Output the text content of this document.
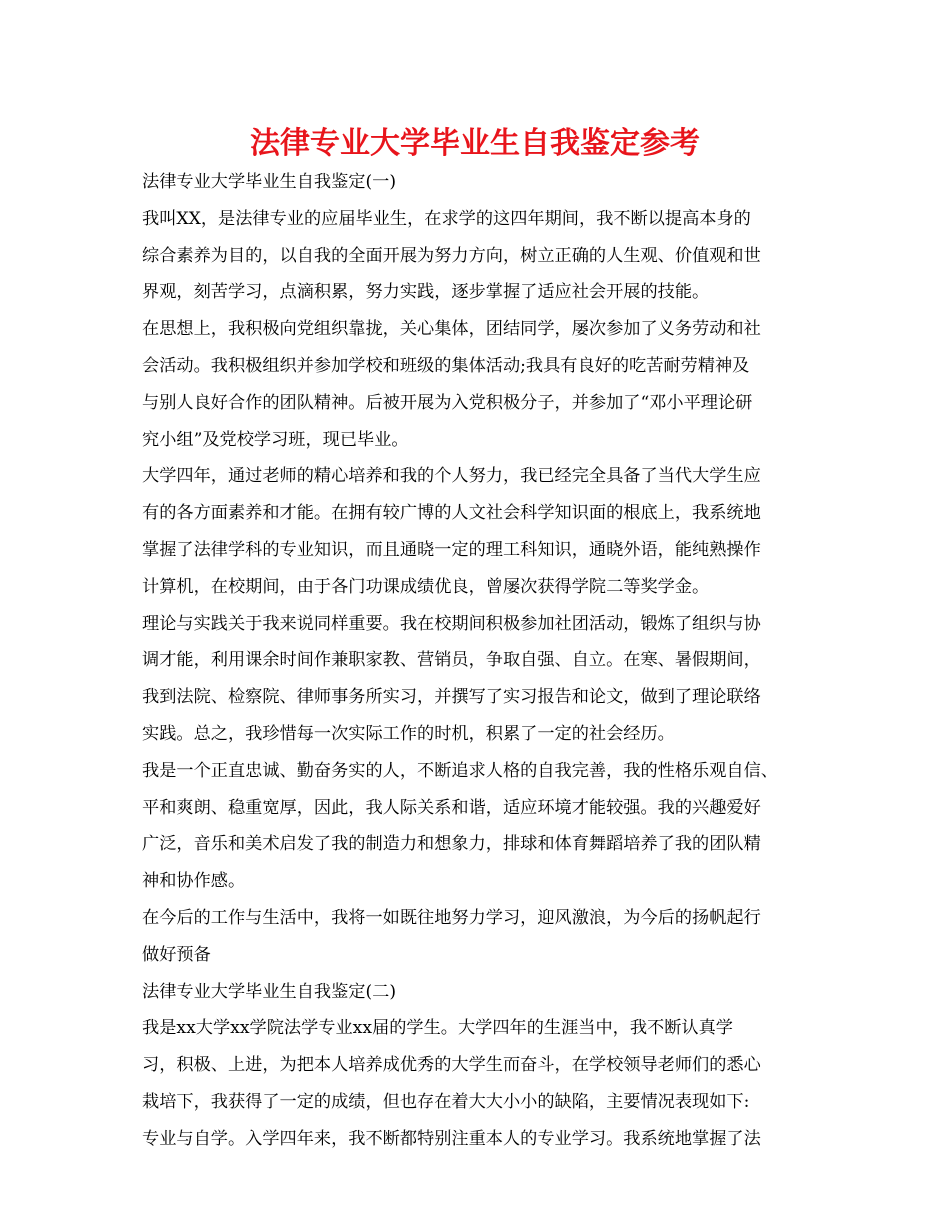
法律专业大学毕业生自我鉴定参考
法律专业大学毕业生自我鉴定(一)
我叫XX，是法律专业的应届毕业生，在求学的这四年期间，我不断以提高本身的
综合素养为目的，以自我的全面开展为努力方向，树立正确的人生观、价值观和世
界观，刻苦学习，点滴积累，努力实践，逐步掌握了适应社会开展的技能。
在思想上，我积极向党组织靠拢，关心集体，团结同学，屡次参加了义务劳动和社
会活动。我积极组织并参加学校和班级的集体活动;我具有良好的吃苦耐劳精神及
与别人良好合作的团队精神。后被开展为入党积极分子，并参加了“邓小平理论研
究小组”及党校学习班，现已毕业。
大学四年，通过老师的精心培养和我的个人努力，我已经完全具备了当代大学生应
有的各方面素养和才能。在拥有较广博的人文社会科学知识面的根底上，我系统地
掌握了法律学科的专业知识，而且通晓一定的理工科知识，通晓外语，能纯熟操作
计算机，在校期间，由于各门功课成绩优良，曾屡次获得学院二等奖学金。
理论与实践关于我来说同样重要。我在校期间积极参加社团活动，锻炼了组织与协
调才能，利用课余时间作兼职家教、营销员，争取自强、自立。在寒、暑假期间，
我到法院、检察院、律师事务所实习，并撰写了实习报告和论文，做到了理论联络
实践。总之，我珍惜每一次实际工作的时机，积累了一定的社会经历。
我是一个正直忠诚、勤奋务实的人，不断追求人格的自我完善，我的性格乐观自信、
平和爽朗、稳重宽厚，因此，我人际关系和谐，适应环境才能较强。我的兴趣爱好
广泛，音乐和美术启发了我的制造力和想象力，排球和体育舞蹈培养了我的团队精
神和协作感。
在今后的工作与生活中，我将一如既往地努力学习，迎风激浪，为今后的扬帆起行
做好预备
法律专业大学毕业生自我鉴定(二)
我是xx大学xx学院法学专业xx届的学生。大学四年的生涯当中，我不断认真学
习，积极、上进，为把本人培养成优秀的大学生而奋斗，在学校领导老师们的悉心
栽培下，我获得了一定的成绩，但也存在着大大小小的缺陷，主要情况表现如下:
专业与自学。入学四年来，我不断都特别注重本人的专业学习。我系统地掌握了法
